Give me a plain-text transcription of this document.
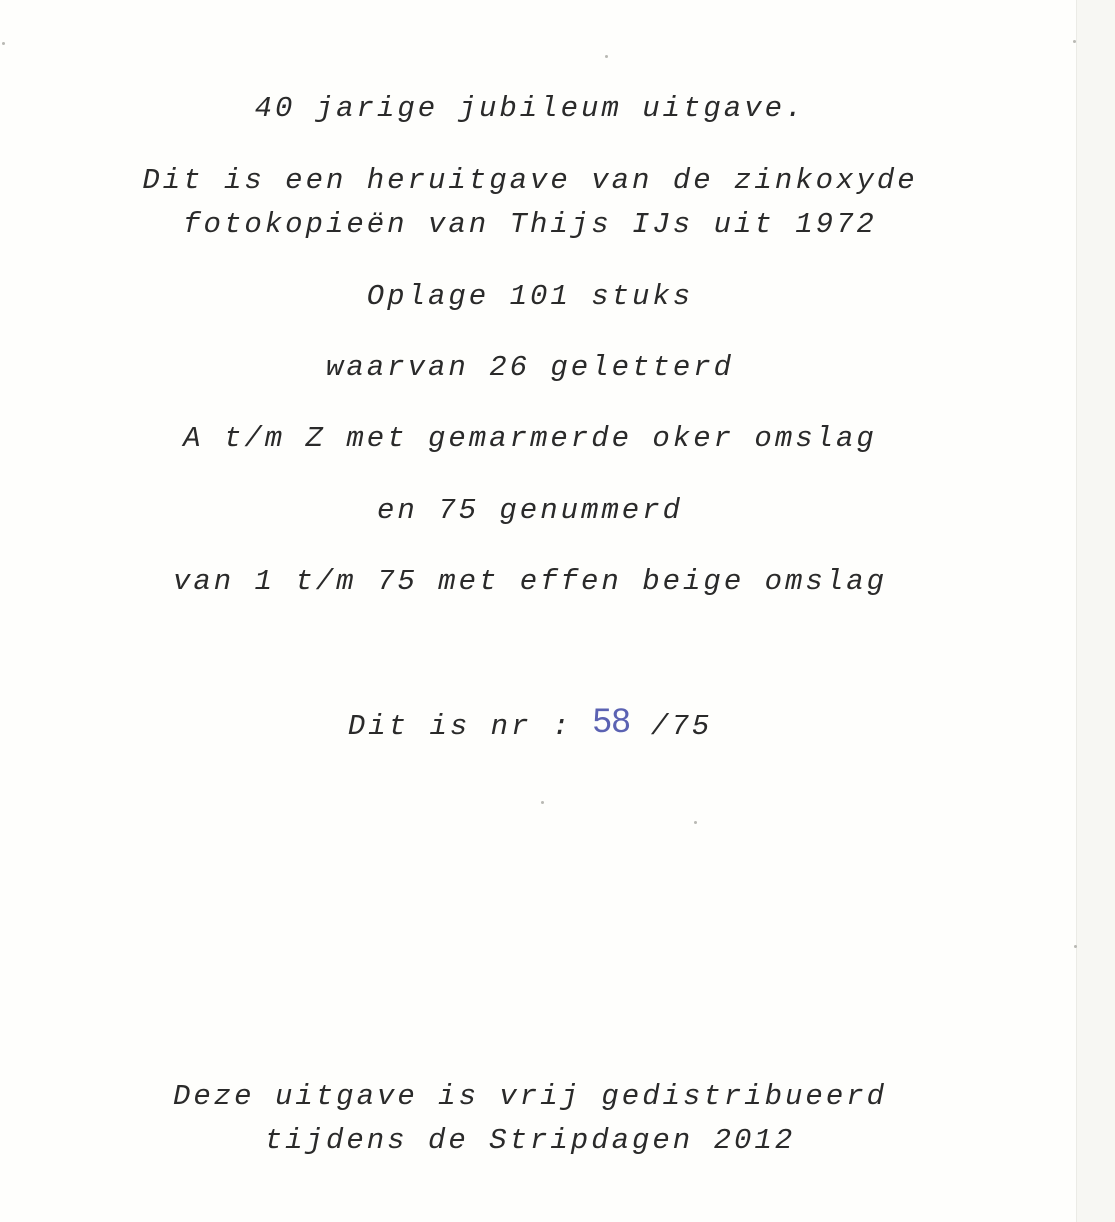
40 jarige jubileum uitgave.
Dit is een heruitgave van de zinkoxyde
fotokopieën van Thijs IJs uit 1972
Oplage 101 stuks
waarvan 26 geletterd
A t/m Z met gemarmerde oker omslag
en 75 genummerd
van 1 t/m 75 met effen beige omslag
Dit is nr : 58 /75
Deze uitgave is vrij gedistribueerd
tijdens de Stripdagen 2012
